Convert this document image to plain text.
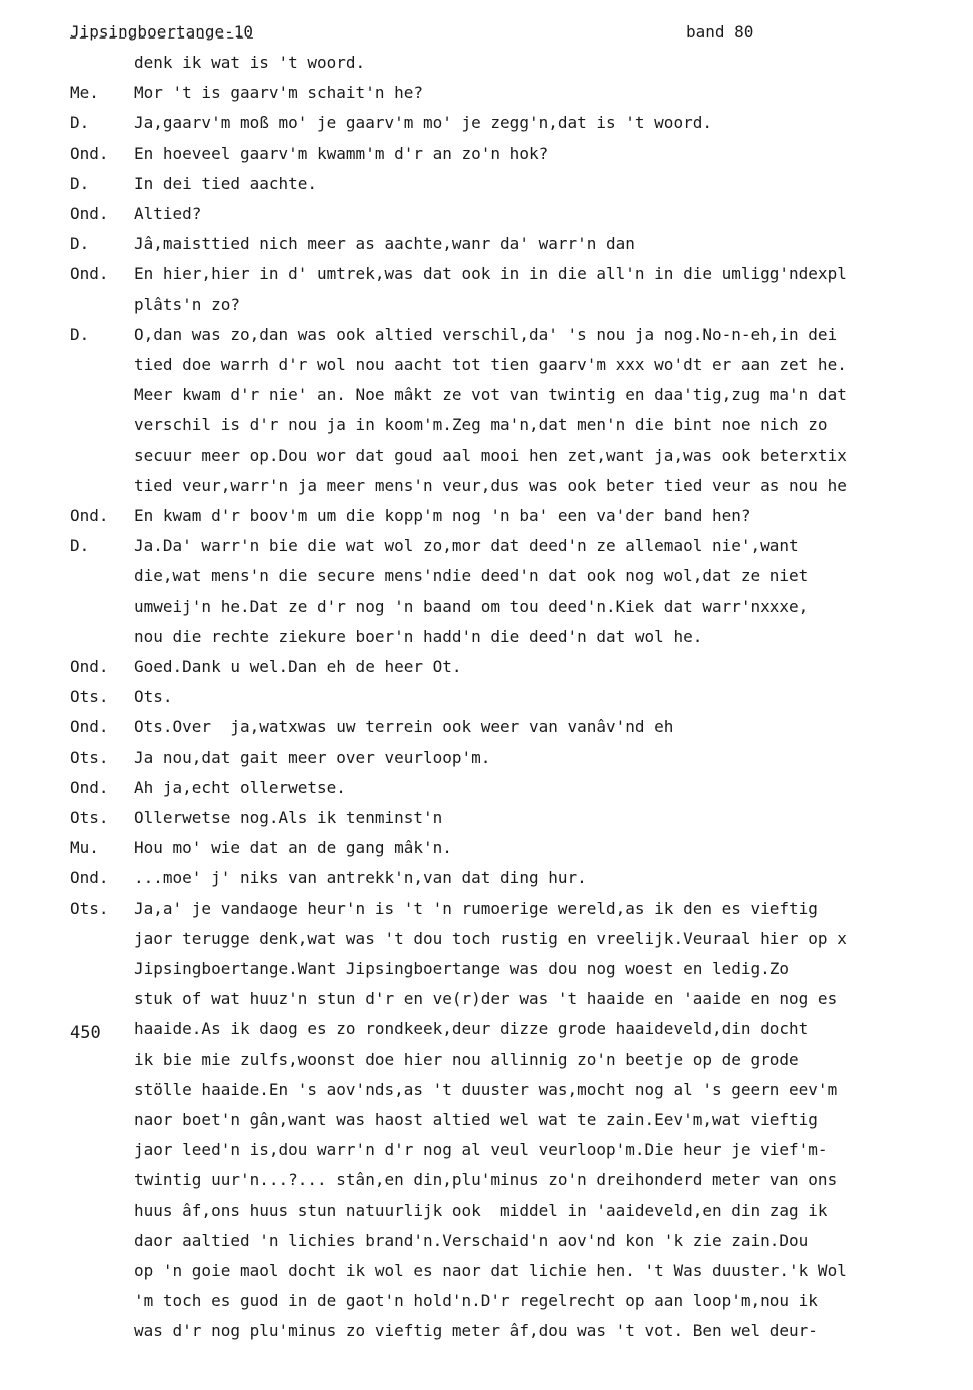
Jipsingboertange-10	band 80
450
denk ik wat is 't woord.
Me.	Mor 't is gaarv'm schait'n he?
D.	Ja,gaarv'm moß mo' je gaarv'm mo' je zegg'n,dat is 't woord.
Ond.	En hoeveel gaarv'm kwamm'm d'r an zo'n hok?
D.	In dei tied aachte.
Ond.	Altied?
D.	Jâ,maisttied nich meer as aachte,wanr da' warr'n dan
Ond.	En hier,hier in d' umtrek,was dat ook in in die all'n in die umligg'ndexpl
plâts'n zo?
D.	O,dan was zo,dan was ook altied verschil,da' 's nou ja nog.No-n-eh,in dei
tied doe warrh d'r wol nou aacht tot tien gaarv'm xxx wo'dt er aan zet he.
Meer kwam d'r nie' an. Noe mâkt ze vot van twintig en daa'tig,zug ma'n dat
verschil is d'r nou ja in koom'm.Zeg ma'n,dat men'n die bint noe nich zo
secuur meer op.Dou wor dat goud aal mooi hen zet,want ja,was ook beterxtix
tied veur,warr'n ja meer mens'n veur,dus was ook beter tied veur as nou he
Ond.	En kwam d'r boov'm um die kopp'm nog 'n ba' een va'der band hen?
D.	Ja.Da' warr'n bie die wat wol zo,mor dat deed'n ze allemaol nie',want
die,wat mens'n die secure mens'ndie deed'n dat ook nog wol,dat ze niet
umweij'n he.Dat ze d'r nog 'n baand om tou deed'n.Kiek dat warr'nxxxe,
nou die rechte ziekure boer'n hadd'n die deed'n dat wol he.
Ond.	Goed.Dank u wel.Dan eh de heer Ot.
Ots.	Ots.
Ond.	Ots.Over  ja,watxwas uw terrein ook weer van vanâv'nd eh
Ots.	Ja nou,dat gait meer over veurloop'm.
Ond.	Ah ja,echt ollerwetse.
Ots.	Ollerwetse nog.Als ik tenminst'n
Mu.	Hou mo' wie dat an de gang mâk'n.
Ond.	...moe' j' niks van antrekk'n,van dat ding hur.
Ots.	Ja,a' je vandaoge heur'n is 't 'n rumoerige wereld,as ik den es vieftig
jaor terugge denk,wat was 't dou toch rustig en vreelijk.Veuraal hier op x
Jipsingboertange.Want Jipsingboertange was dou nog woest en ledig.Zo
stuk of wat huuz'n stun d'r en ve(r)der was 't haaide en 'aaide en nog es
haaide.As ik daog es zo rondkeek,deur dizze grode haaideveld,din docht
ik bie mie zulfs,woonst doe hier nou allinnig zo'n beetje op de grode
stölle haaide.En 's aov'nds,as 't duuster was,mocht nog al 's geern eev'm
naor boet'n gân,want was haost altied wel wat te zain.Eev'm,wat vieftig
jaor leed'n is,dou warr'n d'r nog al veul veurloop'm.Die heur je vief'm-
twintig uur'n...?... stân,en din,plu'minus zo'n dreihonderd meter van ons
huus âf,ons huus stun natuurlijk ook  middel in 'aaideveld,en din zag ik
daor aaltied 'n lichies brand'n.Verschaid'n aov'nd kon 'k zie zain.Dou
op 'n goie maol docht ik wol es naor dat lichie hen. 't Was duuster.'k Wol
'm toch es guod in de gaot'n hold'n.D'r regelrecht op aan loop'm,nou ik
was d'r nog plu'minus zo vieftig meter âf,dou was 't vot. Ben wel deur-
